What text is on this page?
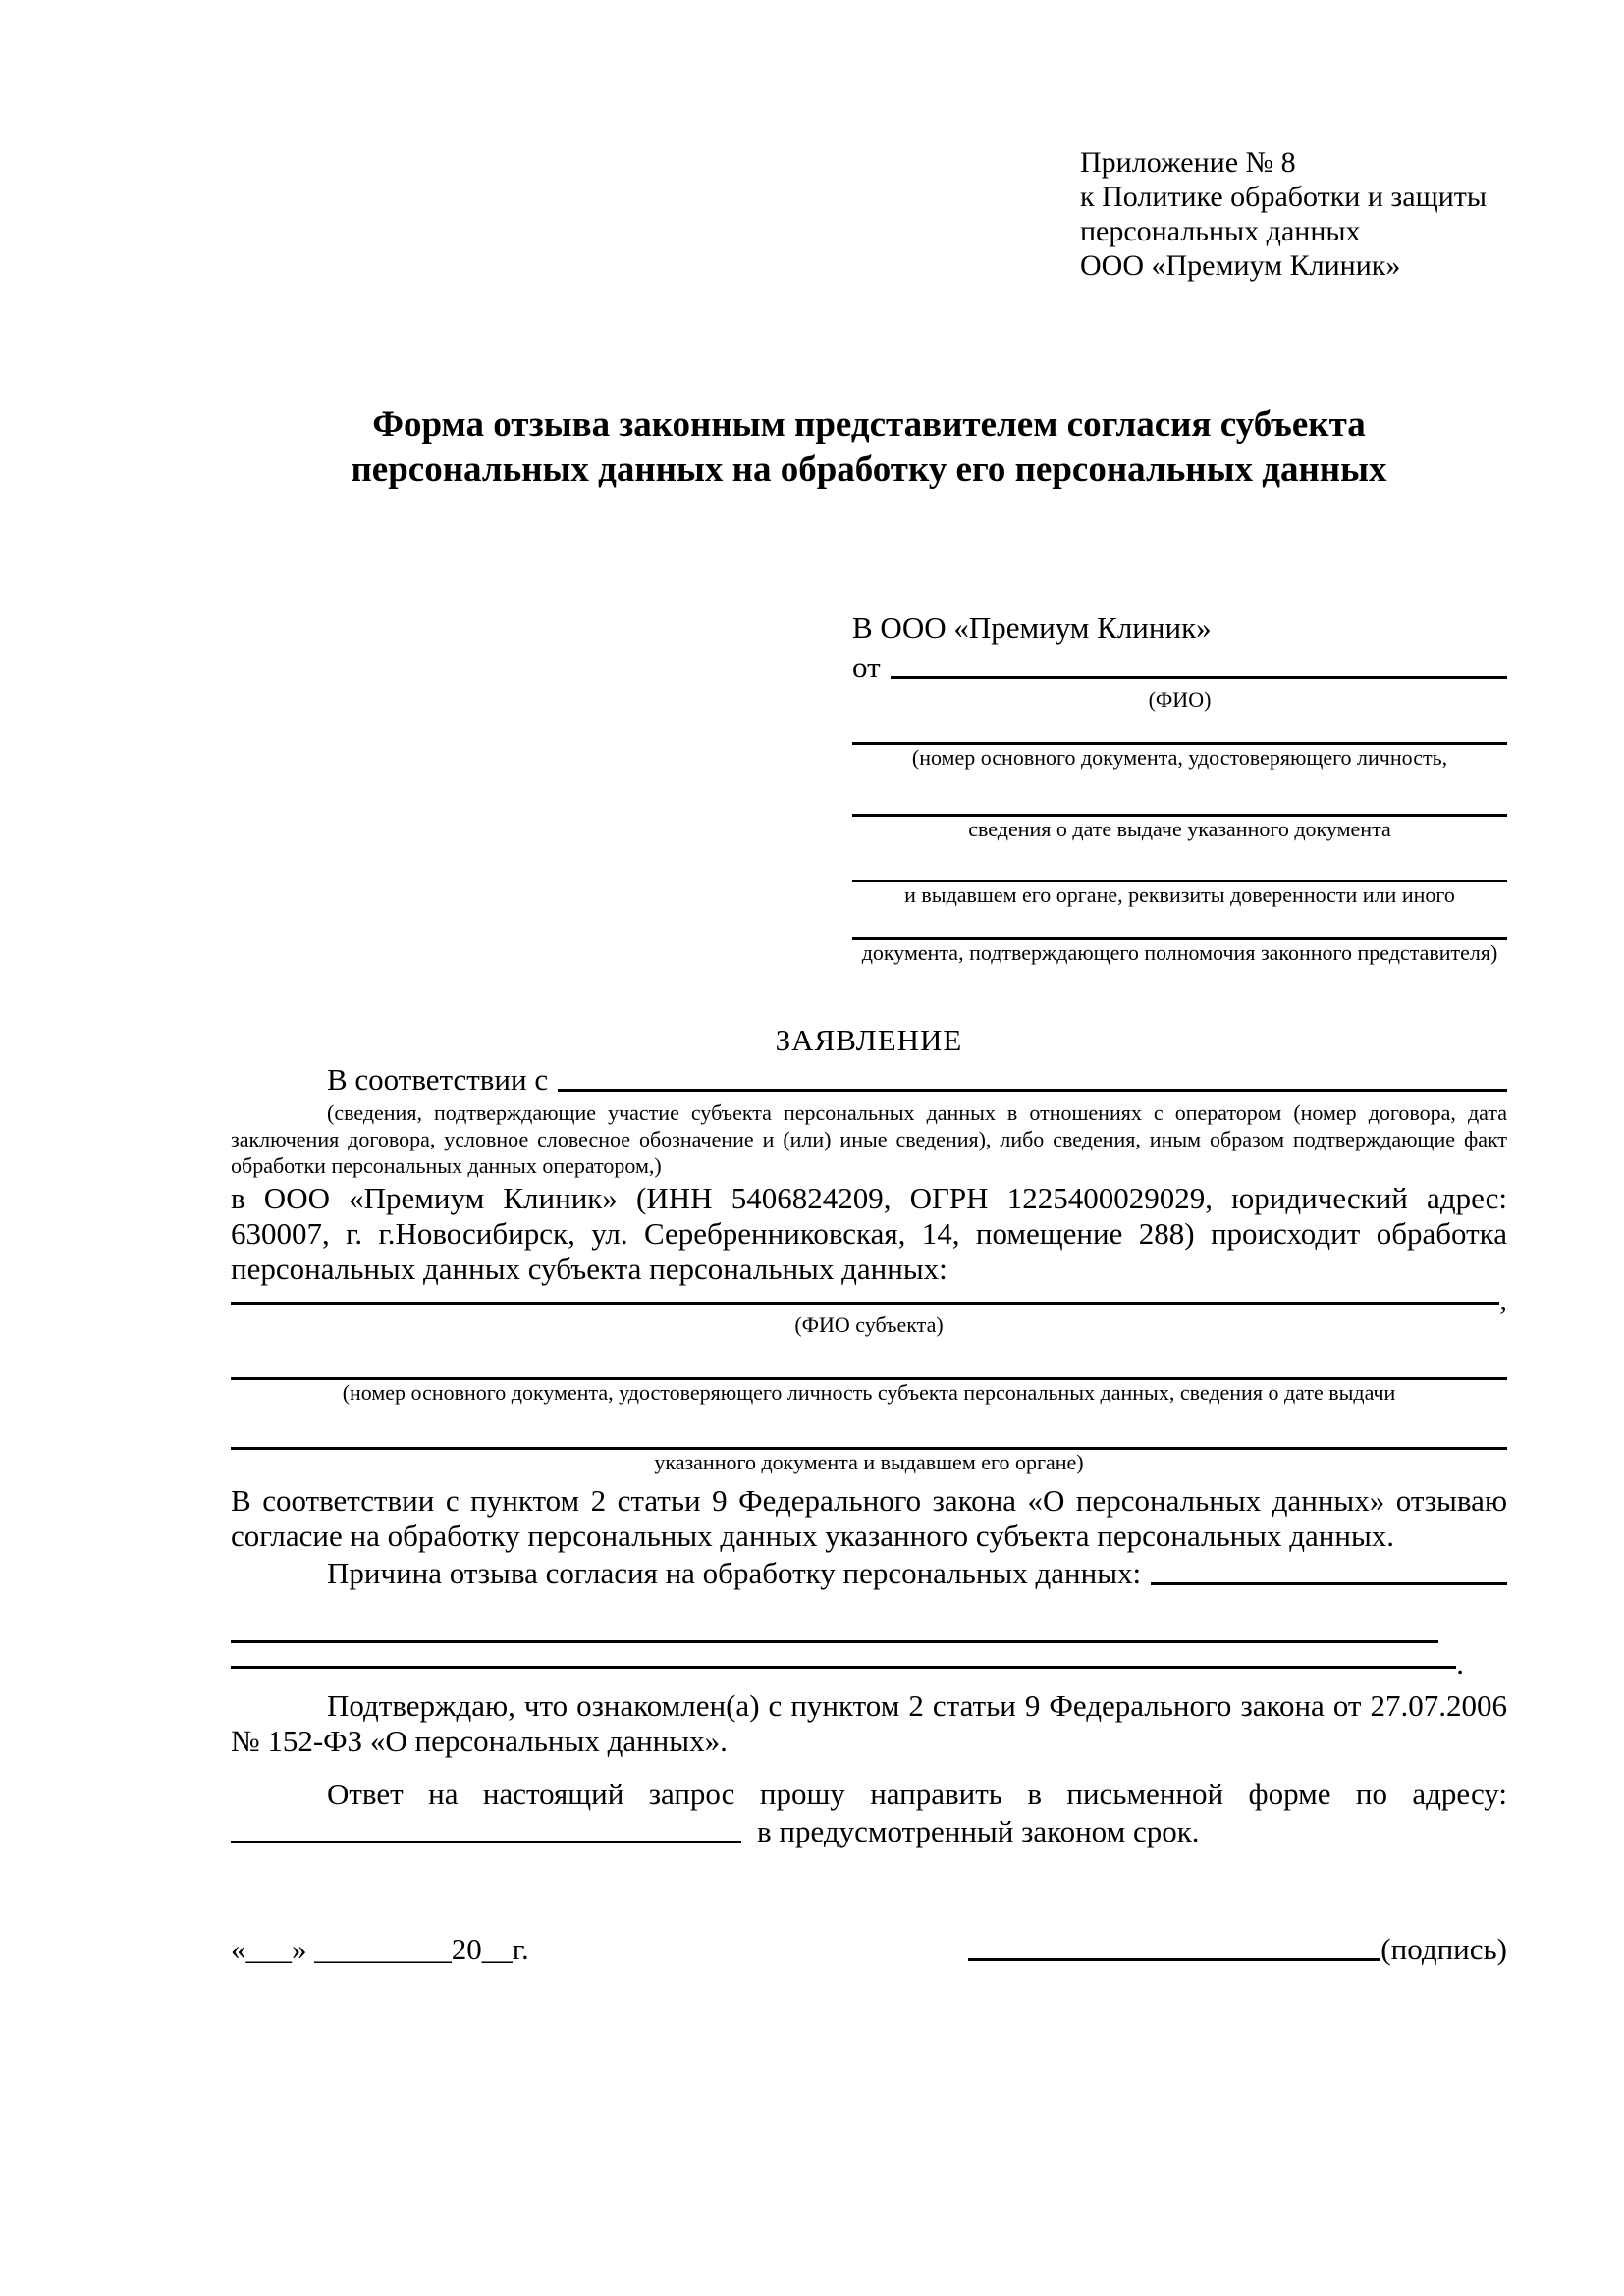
Приложение № 8
к Политике обработки и защиты
персональных данных
ООО «Премиум Клиник»
Форма отзыва законным представителем согласия субъекта персональных данных на обработку его персональных данных
В ООО «Премиум Клиник»
от
(ФИО)
(номер основного документа, удостоверяющего личность,
сведения о дате выдаче указанного документа
и выдавшем его органе, реквизиты доверенности или иного
документа, подтверждающего полномочия законного представителя)
ЗАЯВЛЕНИЕ
В соответствии с
(сведения, подтверждающие участие субъекта персональных данных в отношениях с оператором (номер договора, дата заключения договора, условное словесное обозначение и (или) иные сведения), либо сведения, иным образом подтверждающие факт обработки персональных данных оператором,)

в ООО «Премиум Клиник» (ИНН 5406824209, ОГРН 1225400029029, юридический адрес: 630007, г. г.Новосибирск, ул. Серебренниковская, 14, помещение 288) происходит обработка персональных данных субъекта персональных данных:

,
(ФИО субъекта)
(номер основного документа, удостоверяющего личность субъекта персональных данных, сведения о дате выдачи
указанного документа и выдавшем его органе)

В соответствии с пунктом 2 статьи 9 Федерального закона «О персональных данных» отзываю согласие на обработку персональных данных указанного субъекта персональных данных.

Причина отзыва согласия на обработку персональных данных:
.

Подтверждаю, что ознакомлен(а) с пунктом 2 статьи 9 Федерального закона от 27.07.2006 № 152-ФЗ «О персональных данных».

Ответ на настоящий запрос прошу направить в письменной форме по адресу:

в предусмотренный законом срок.
«___» _________20__г.	(подпись)
